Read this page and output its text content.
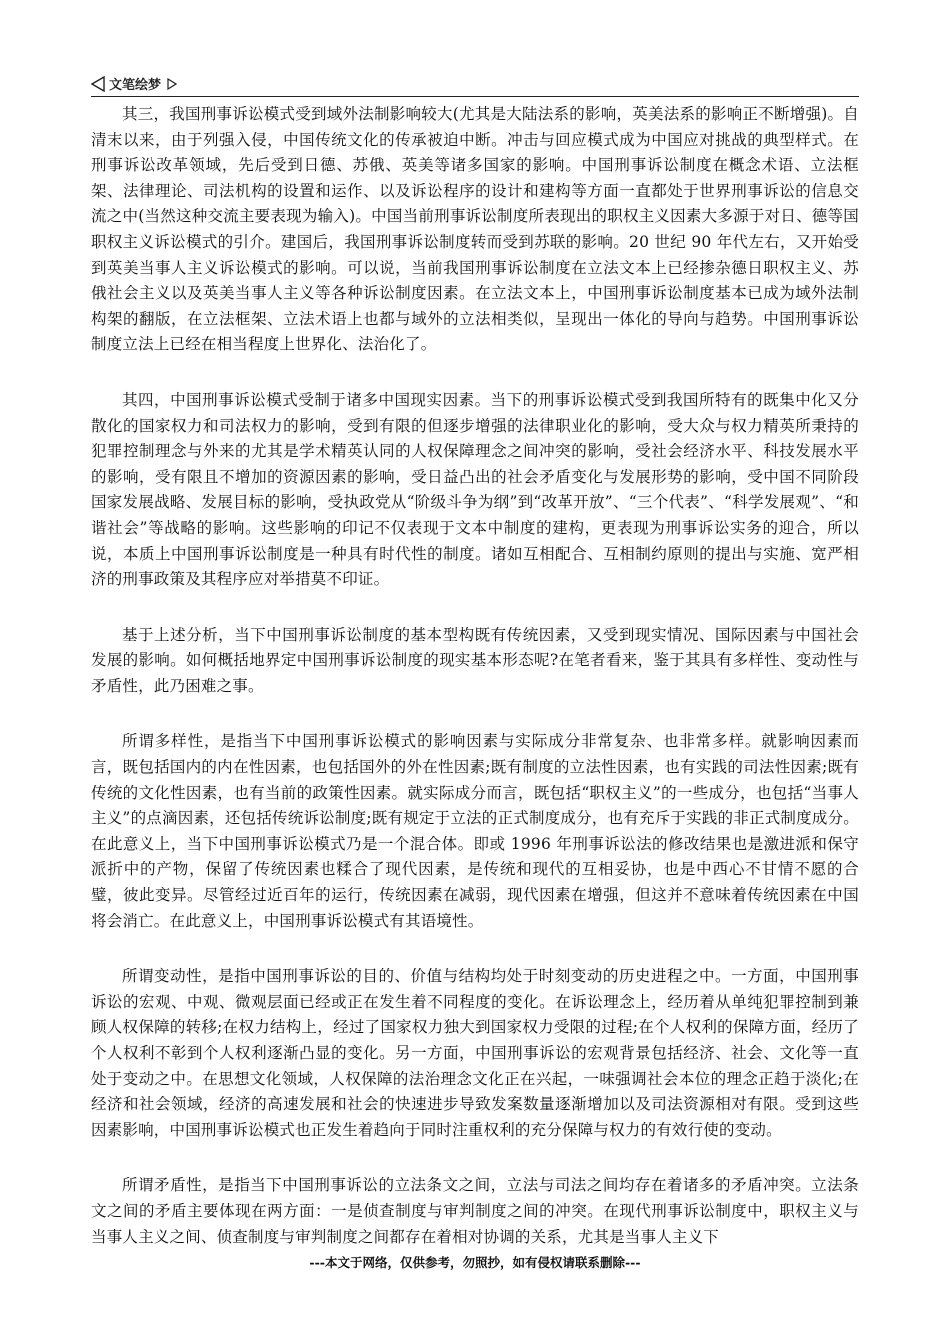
文笔绘梦

其三，我国刑事诉讼模式受到域外法制影响较大(尤其是大陆法系的影响，英美法系的影响正不断增强)。自清末以来，由于列强入侵，中国传统文化的传承被迫中断。冲击与回应模式成为中国应对挑战的典型样式。在刑事诉讼改革领域，先后受到日德、苏俄、英美等诸多国家的影响。中国刑事诉讼制度在概念术语、立法框架、法律理论、司法机构的设置和运作、以及诉讼程序的设计和建构等方面一直都处于世界刑事诉讼的信息交流之中(当然这种交流主要表现为输入)。中国当前刑事诉讼制度所表现出的职权主义因素大多源于对日、德等国职权主义诉讼模式的引介。建国后，我国刑事诉讼制度转而受到苏联的影响。20 世纪 90 年代左右，又开始受到英美当事人主义诉讼模式的影响。可以说，当前我国刑事诉讼制度在立法文本上已经掺杂德日职权主义、苏俄社会主义以及英美当事人主义等各种诉讼制度因素。在立法文本上，中国刑事诉讼制度基本已成为域外法制构架的翻版，在立法框架、立法术语上也都与域外的立法相类似，呈现出一体化的导向与趋势。中国刑事诉讼制度立法上已经在相当程度上世界化、法治化了。

其四，中国刑事诉讼模式受制于诸多中国现实因素。当下的刑事诉讼模式受到我国所特有的既集中化又分散化的国家权力和司法权力的影响，受到有限的但逐步增强的法律职业化的影响，受大众与权力精英所秉持的犯罪控制理念与外来的尤其是学术精英认同的人权保障理念之间冲突的影响，受社会经济水平、科技发展水平的影响，受有限且不增加的资源因素的影响，受日益凸出的社会矛盾变化与发展形势的影响，受中国不同阶段国家发展战略、发展目标的影响，受执政党从“阶级斗争为纲”到“改革开放”、“三个代表”、“科学发展观”、“和谐社会”等战略的影响。这些影响的印记不仅表现于文本中制度的建构，更表现为刑事诉讼实务的迎合，所以说，本质上中国刑事诉讼制度是一种具有时代性的制度。诸如互相配合、互相制约原则的提出与实施、宽严相济的刑事政策及其程序应对举措莫不印证。

基于上述分析，当下中国刑事诉讼制度的基本型构既有传统因素，又受到现实情况、国际因素与中国社会发展的影响。如何概括地界定中国刑事诉讼制度的现实基本形态呢?在笔者看来，鉴于其具有多样性、变动性与矛盾性，此乃困难之事。

所谓多样性，是指当下中国刑事诉讼模式的影响因素与实际成分非常复杂、也非常多样。就影响因素而言，既包括国内的内在性因素，也包括国外的外在性因素;既有制度的立法性因素，也有实践的司法性因素;既有传统的文化性因素，也有当前的政策性因素。就实际成分而言，既包括“职权主义”的一些成分，也包括“当事人主义”的点滴因素，还包括传统诉讼制度;既有规定于立法的正式制度成分，也有充斥于实践的非正式制度成分。在此意义上，当下中国刑事诉讼模式乃是一个混合体。即或 1996 年刑事诉讼法的修改结果也是激进派和保守派折中的产物，保留了传统因素也糅合了现代因素，是传统和现代的互相妥协，也是中西心不甘情不愿的合璧，彼此变异。尽管经过近百年的运行，传统因素在减弱，现代因素在增强，但这并不意味着传统因素在中国将会消亡。在此意义上，中国刑事诉讼模式有其语境性。

所谓变动性，是指中国刑事诉讼的目的、价值与结构均处于时刻变动的历史进程之中。一方面，中国刑事诉讼的宏观、中观、微观层面已经或正在发生着不同程度的变化。在诉讼理念上，经历着从单纯犯罪控制到兼顾人权保障的转移;在权力结构上，经过了国家权力独大到国家权力受限的过程;在个人权利的保障方面，经历了个人权利不彰到个人权利逐渐凸显的变化。另一方面，中国刑事诉讼的宏观背景包括经济、社会、文化等一直处于变动之中。在思想文化领域，人权保障的法治理念文化正在兴起，一味强调社会本位的理念正趋于淡化;在经济和社会领域，经济的高速发展和社会的快速进步导致发案数量逐渐增加以及司法资源相对有限。受到这些因素影响，中国刑事诉讼模式也正发生着趋向于同时注重权利的充分保障与权力的有效行使的变动。

所谓矛盾性，是指当下中国刑事诉讼的立法条文之间，立法与司法之间均存在着诸多的矛盾冲突。立法条文之间的矛盾主要体现在两方面：一是侦查制度与审判制度之间的冲突。在现代刑事诉讼制度中，职权主义与当事人主义之间、侦查制度与审判制度之间都存在着相对协调的关系，尤其是当事人主义下

---本文于网络，仅供参考，勿照抄，如有侵权请联系删除---
